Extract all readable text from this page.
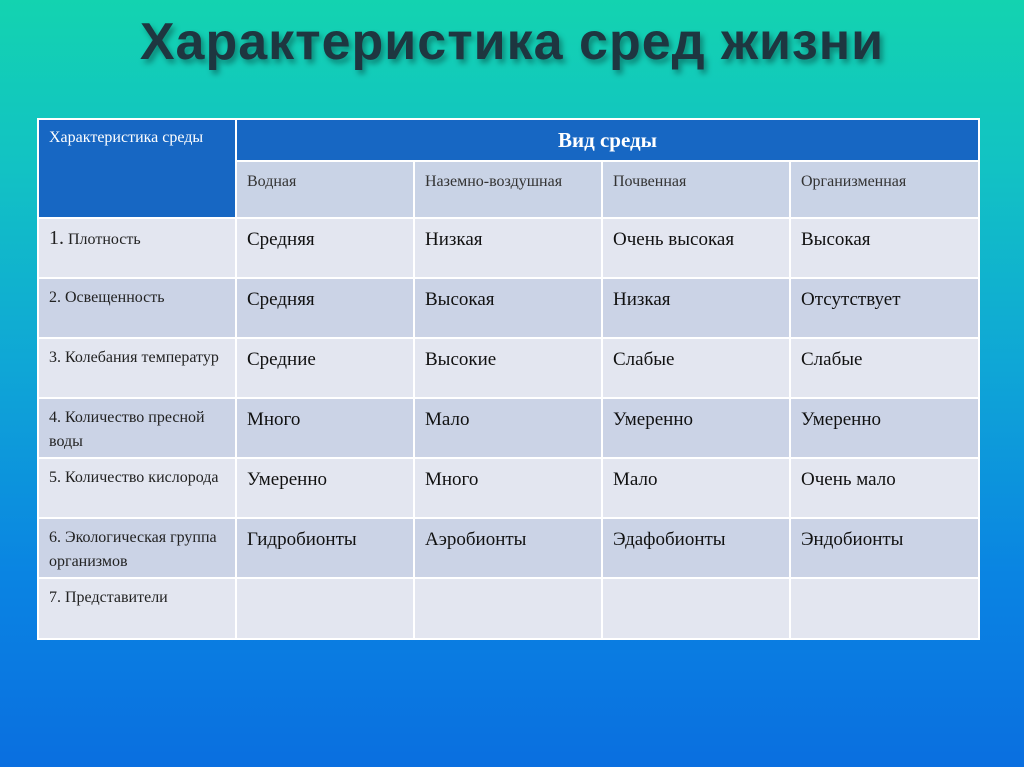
Характеристика сред жизни
Характеристика среды	Вид среды			
	Водная	Наземно-воздушная	Почвенная	Организменная
1. Плотность	Средняя	Низкая	Очень высокая	Высокая
2. Освещенность	Средняя	Высокая	Низкая	Отсутствует
3. Колебания температур	Средние	Высокие	Слабые	Слабые
4. Количество пресной воды	Много	Мало	Умеренно	Умеренно
5. Количество кислорода	Умеренно	Много	Мало	Очень мало
6. Экологическая группа организмов	Гидробионты	Аэробионты	Эдафобионты	Эндобионты
7. Представители				
